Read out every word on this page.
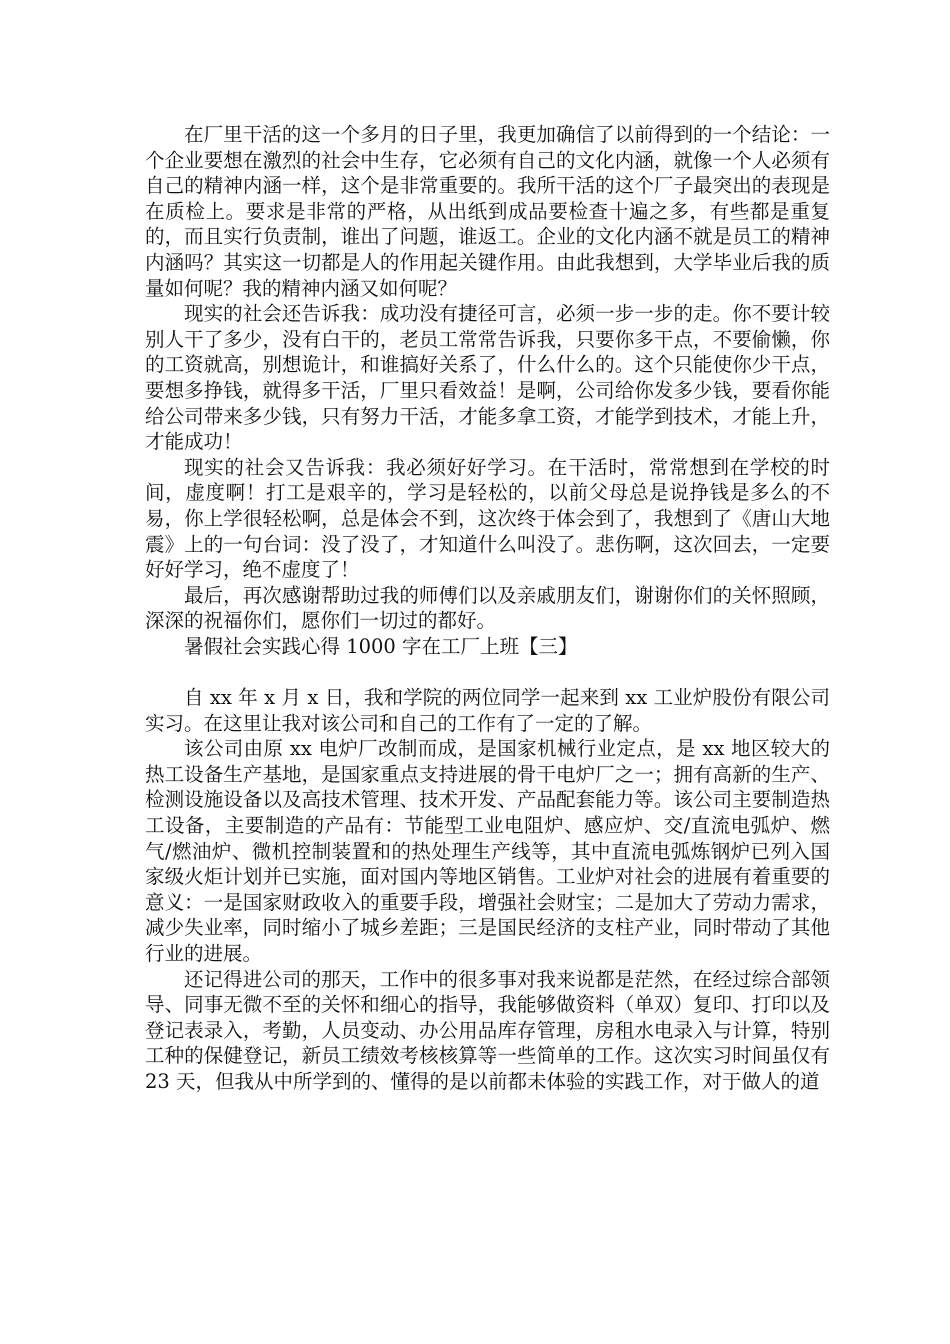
在厂里干活的这一个多月的日子里，我更加确信了以前得到的一个结论：一个企业要想在激烈的社会中生存，它必须有自己的文化内涵，就像一个人必须有自己的精神内涵一样，这个是非常重要的。我所干活的这个厂子最突出的表现是在质检上。要求是非常的严格，从出纸到成品要检查十遍之多，有些都是重复的，而且实行负责制，谁出了问题，谁返工。企业的文化内涵不就是员工的精神内涵吗？其实这一切都是人的作用起关键作用。由此我想到，大学毕业后我的质量如何呢？我的精神内涵又如何呢？

现实的社会还告诉我：成功没有捷径可言，必须一步一步的走。你不要计较别人干了多少，没有白干的，老员工常常告诉我，只要你多干点，不要偷懒，你的工资就高，别想诡计，和谁搞好关系了，什么什么的。这个只能使你少干点，要想多挣钱，就得多干活，厂里只看效益！是啊，公司给你发多少钱，要看你能给公司带来多少钱，只有努力干活，才能多拿工资，才能学到技术，才能上升，才能成功！

现实的社会又告诉我：我必须好好学习。在干活时，常常想到在学校的时间，虚度啊！打工是艰辛的，学习是轻松的，以前父母总是说挣钱是多么的不易，你上学很轻松啊，总是体会不到，这次终于体会到了，我想到了《唐山大地震》上的一句台词：没了没了，才知道什么叫没了。悲伤啊，这次回去，一定要好好学习，绝不虚度了！

最后，再次感谢帮助过我的师傅们以及亲戚朋友们，谢谢你们的关怀照顾，深深的祝福你们，愿你们一切过的都好。

暑假社会实践心得 1000 字在工厂上班【三】

自 xx 年 x 月 x 日，我和学院的两位同学一起来到 xx 工业炉股份有限公司实习。在这里让我对该公司和自己的工作有了一定的了解。

该公司由原 xx 电炉厂改制而成，是国家机械行业定点，是 xx 地区较大的热工设备生产基地，是国家重点支持进展的骨干电炉厂之一；拥有高新的生产、检测设施设备以及高技术管理、技术开发、产品配套能力等。该公司主要制造热工设备，主要制造的产品有：节能型工业电阻炉、感应炉、交/直流电弧炉、燃气/燃油炉、微机控制装置和的热处理生产线等，其中直流电弧炼钢炉已列入国家级火炬计划并已实施，面对国内等地区销售。工业炉对社会的进展有着重要的意义：一是国家财政收入的重要手段，增强社会财宝；二是加大了劳动力需求，减少失业率，同时缩小了城乡差距；三是国民经济的支柱产业，同时带动了其他行业的进展。

还记得进公司的那天，工作中的很多事对我来说都是茫然，在经过综合部领导、同事无微不至的关怀和细心的指导，我能够做资料（单双）复印、打印以及登记表录入，考勤，人员变动、办公用品库存管理，房租水电录入与计算，特别工种的保健登记，新员工绩效考核核算等一些简单的工作。这次实习时间虽仅有 23 天，但我从中所学到的、懂得的是以前都未体验的实践工作，对于做人的道
